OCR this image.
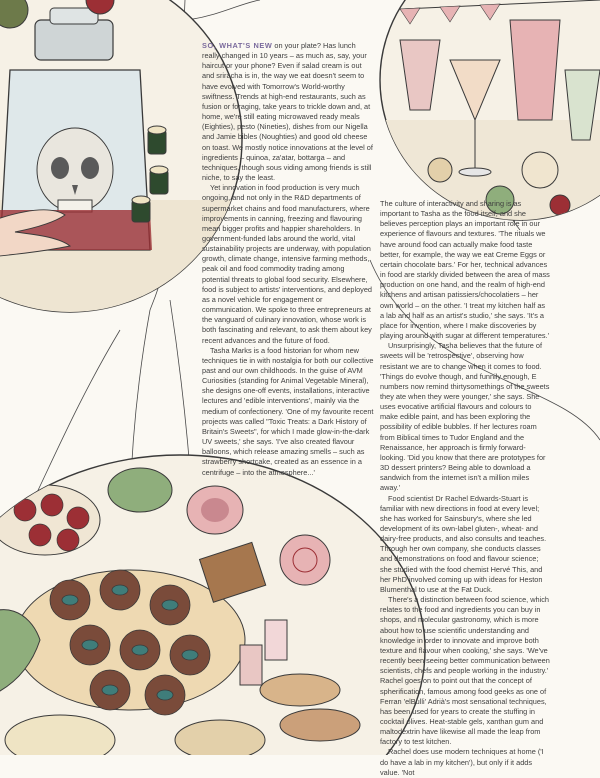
SO, WHAT'S NEW on your plate? Has lunch really changed in 10 years – as much as, say, your haircut or your phone? Even if salad cream is out and sriracha is in, the way we eat doesn't seem to have evolved with Tomorrow's World-worthy swiftness. Trends at high-end restaurants, such as fusion or foraging, take years to trickle down and, at home, we're still eating microwaved ready meals (Eighties), pesto (Nineties), dishes from our Nigella and Jamie bibles (Noughties) and good old cheese on toast. We mostly notice innovations at the level of ingredients – quinoa, za'atar, bottarga – and techniques, though sous viding among friends is still niche, to say the least.

Yet innovation in food production is very much ongoing, and not only in the R&D departments of supermarket chains and food manufacturers, where improvements in canning, freezing and flavouring mean bigger profits and happier shareholders. In government-funded labs around the world, vital sustainability projects are underway, with population growth, climate change, intensive farming methods, peak oil and food commodity trading among potential threats to global food security. Elsewhere, food is subject to artists' interventions, and deployed as a novel vehicle for engagement or communication. We spoke to three entrepreneurs at the vanguard of culinary innovation, whose work is both fascinating and relevant, to ask them about key recent advances and the future of food.

Tasha Marks is a food historian for whom new techniques tie in with nostalgia for both our collective past and our own childhoods. In the guise of AVM Curiosities (standing for Animal Vegetable Mineral), she designs one-off events, installations, interactive lectures and 'edible interventions', mainly via the medium of confectionery. 'One of my favourite recent projects was called "Toxic Treats: a Dark History of Britain's Sweets", for which I made glow-in-the-dark UV sweets,' she says. 'I've also created flavour balloons, which release amazing smells – such as strawberry shortcake, created as an essence in a centrifuge – into the atmosphere...'

The culture of interactivity and sharing is as important to Tasha as the food itself, and she believes perception plays an important role in our experience of flavours and textures. 'The rituals we have around food can actually make food taste better, for example, the way we eat Creme Eggs or certain chocolate bars.' For her, technical advances in food are starkly divided between the area of mass production on one hand, and the realm of high-end kitchens and artisan patissiers/chocolatiers – her own world – on the other. 'I treat my kitchen half as a lab and half as an artist's studio,' she says. 'It's a place for invention, where I make discoveries by playing around with sugar at different temperatures.'

Unsurprisingly, Tasha believes that the future of sweets will be 'retrospective', observing how resistant we are to change when it comes to food. 'Things do evolve though, and funnily enough, E numbers now remind thirtysomethings of the sweets they ate when they were younger,' she says. She uses evocative artificial flavours and colours to make edible paint, and has been exploring the possibility of edible bubbles. If her lectures roam from Biblical times to Tudor England and the Renaissance, her approach is firmly forward-looking. 'Did you know that there are prototypes for 3D dessert printers? Being able to download a sandwich from the internet isn't a million miles away.'

Food scientist Dr Rachel Edwards-Stuart is familiar with new directions in food at every level; she has worked for Sainsbury's, where she led development of its own-label gluten-, wheat- and dairy-free products, and also consults and teaches. Through her own company, she conducts classes and demonstrations on food and flavour science; she studied with the food chemist Hervé This, and her PhD involved coming up with ideas for Heston Blumenthal to use at the Fat Duck.

There's a distinction between food science, which relates to the food and ingredients you can buy in shops, and molecular gastronomy, which is more about how to use scientific understanding and knowledge in order to innovate and improve both texture and flavour when cooking,' she says. 'We've recently been seeing better communication between scientists, chefs and people working in the industry.' Rachel goes on to point out that the concept of spherification, famous among food geeks as one of Ferran 'elBulli' Adrià's most sensational techniques, has been used for years to create the stuffing in cocktail olives. Heat-stable gels, xanthan gum and maltodextrin have likewise all made the leap from factory to test kitchen.

Rachel does use modern techniques at home ('I do have a lab in my kitchen'), but only if it adds value. 'Not
